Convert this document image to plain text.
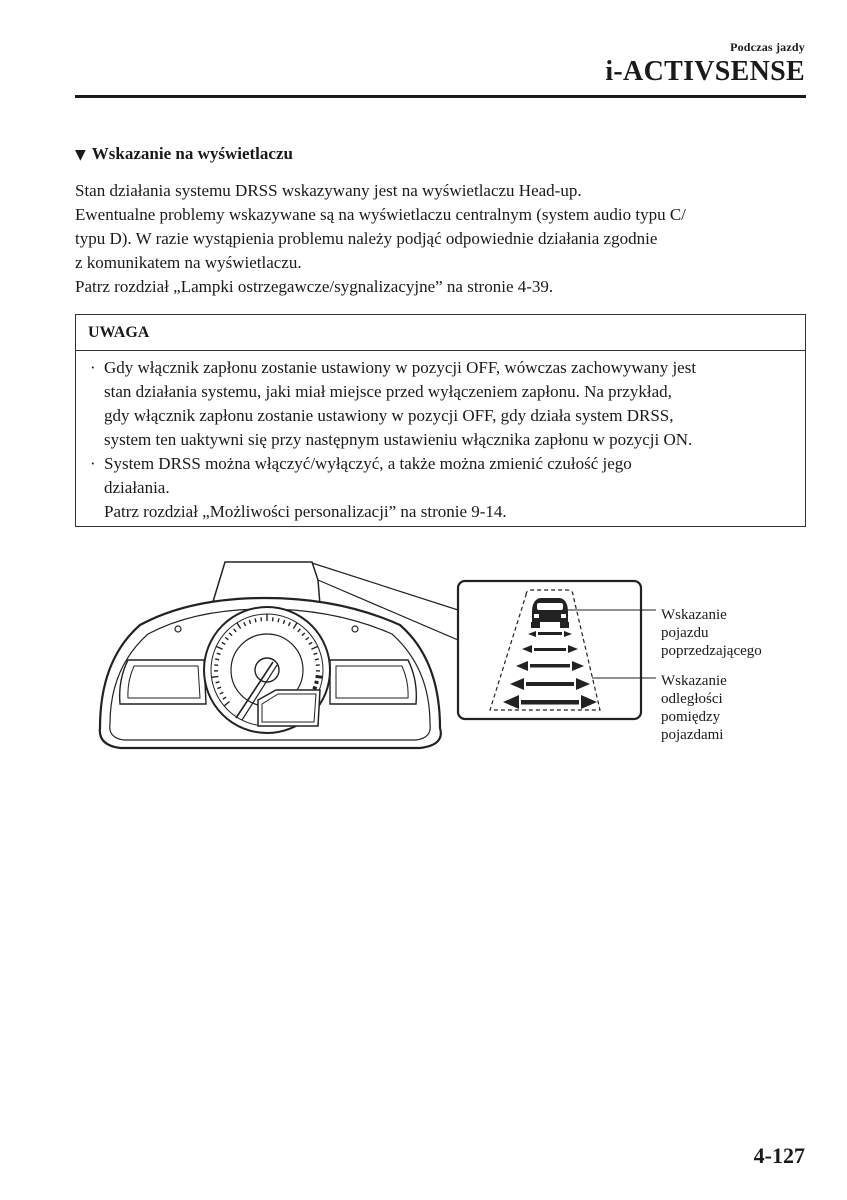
Podczas jazdy
i-ACTIVSENSE
▼ Wskazanie na wyświetlaczu

Stan działania systemu DRSS wskazywany jest na wyświetlaczu Head-up.

Ewentualne problemy wskazywane są na wyświetlaczu centralnym (system audio typu C/

typu D). W razie wystąpienia problemu należy podjąć odpowiednie działania zgodnie

z komunikatem na wyświetlaczu.

Patrz rozdział „Lampki ostrzegawcze/sygnalizacyjne” na stronie 4-39.

UWAGA
· Gdy włącznik zapłonu zostanie ustawiony w pozycji OFF, wówczas zachowywany jest

stan działania systemu, jaki miał miejsce przed wyłączeniem zapłonu. Na przykład,

gdy włącznik zapłonu zostanie ustawiony w pozycji OFF, gdy działa system DRSS,

system ten uaktywni się przy następnym ustawieniu włącznika zapłonu w pozycji ON.

· System DRSS można włączyć/wyłączyć, a także można zmienić czułość jego

działania.

Patrz rozdział „Możliwości personalizacji” na stronie 9-14.

Wskazanie
pojazdu
poprzedzającego
Wskazanie
odległości
pomiędzy
pojazdami
4-127
